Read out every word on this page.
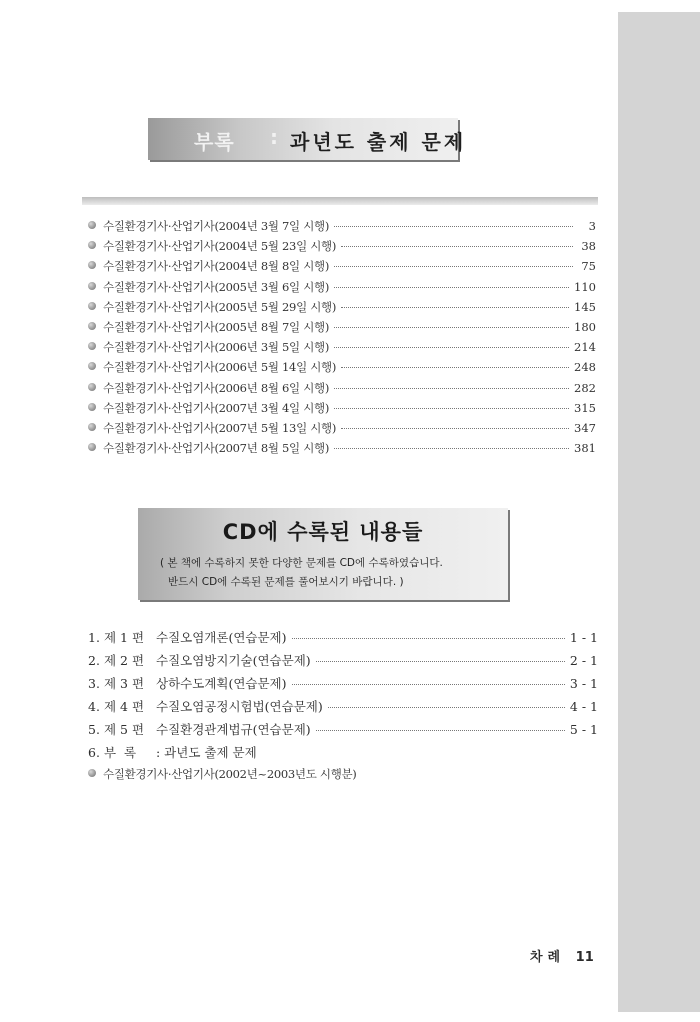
부록 : 과년도 출제 문제
수질환경기사·산업기사(2004년 3월 7일 시행)	3
수질환경기사·산업기사(2004년 5월 23일 시행)	38
수질환경기사·산업기사(2004년 8월 8일 시행)	75
수질환경기사·산업기사(2005년 3월 6일 시행)	110
수질환경기사·산업기사(2005년 5월 29일 시행)	145
수질환경기사·산업기사(2005년 8월 7일 시행)	180
수질환경기사·산업기사(2006년 3월 5일 시행)	214
수질환경기사·산업기사(2006년 5월 14일 시행)	248
수질환경기사·산업기사(2006년 8월 6일 시행)	282
수질환경기사·산업기사(2007년 3월 4일 시행)	315
수질환경기사·산업기사(2007년 5월 13일 시행)	347
수질환경기사·산업기사(2007년 8월 5일 시행)	381
CD에 수록된 내용들
( 본 책에 수록하지 못한 다양한 문제를 CD에 수록하였습니다.
반드시 CD에 수록된 문제를 풀어보시기 바랍니다. )
1. 제 1 편 수질오염개론(연습문제)	1 - 1
2. 제 2 편 수질오염방지기술(연습문제)	2 - 1
3. 제 3 편 상하수도계획(연습문제)	3 - 1
4. 제 4 편 수질오염공정시험법(연습문제)	4 - 1
5. 제 5 편 수질환경관계법규(연습문제)	5 - 1
6. 부  록	: 과년도 출제 문제
수질환경기사·산업기사(2002년~2003년도 시행분)
차례 11
